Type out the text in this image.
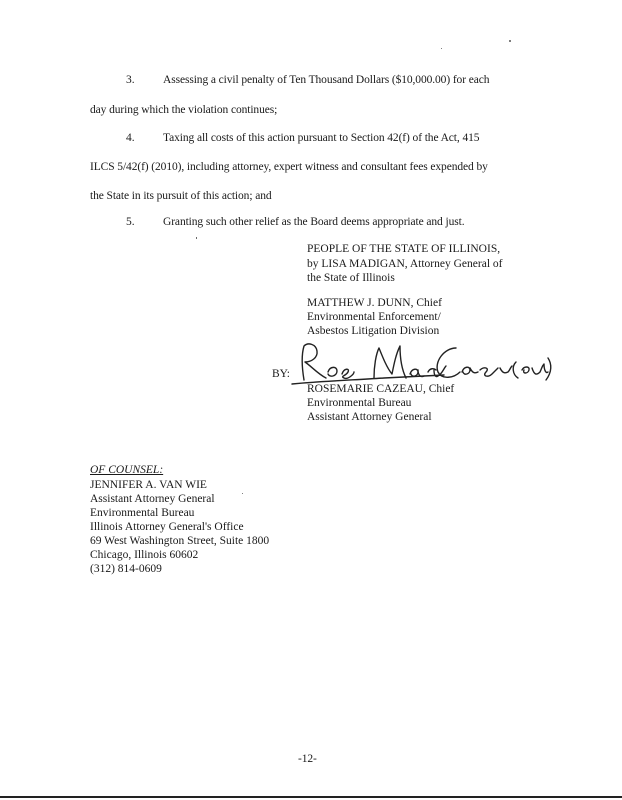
3. Assessing a civil penalty of Ten Thousand Dollars ($10,000.00) for each
day during which the violation continues;
4. Taxing all costs of this action pursuant to Section 42(f) of the Act, 415
ILCS 5/42(f) (2010), including attorney, expert witness and consultant fees expended by
the State in its pursuit of this action; and
5. Granting such other relief as the Board deems appropriate and just.
PEOPLE OF THE STATE OF ILLINOIS,
by LISA MADIGAN, Attorney General of
the State of Illinois
MATTHEW J. DUNN, Chief
Environmental Enforcement/
Asbestos Litigation Division
BY:
ROSEMARIE CAZEAU, Chief
Environmental Bureau
Assistant Attorney General
OF COUNSEL:
JENNIFER A. VAN WIE
Assistant Attorney General
Environmental Bureau
Illinois Attorney General's Office
69 West Washington Street, Suite 1800
Chicago, Illinois 60602
(312) 814-0609
-12-
